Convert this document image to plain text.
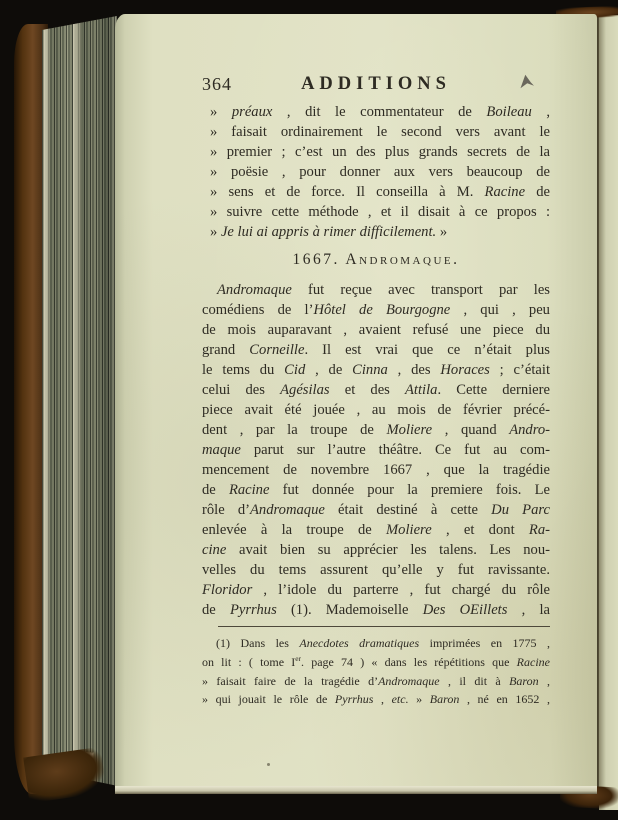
364	ADDITIONS
» préaux , dit le commentateur de Boileau ,
» faisait ordinairement le second vers avant le
» premier ; c’est un des plus grands secrets de la
» poësie , pour donner aux vers beaucoup de
» sens et de force. Il conseilla à M. Racine de
» suivre cette méthode , et il disait à ce propos :
» Je lui ai appris à rimer difficilement. »
1667. Andromaque.
Andromaque fut reçue avec transport par les
comédiens de l’Hôtel de Bourgogne , qui , peu
de mois auparavant , avaient refusé une piece du
grand Corneille. Il est vrai que ce n’était plus
le tems du Cid , de Cinna , des Horaces ; c’était
celui des Agésilas et des Attila. Cette derniere
piece avait été jouée , au mois de février précé-
dent , par la troupe de Moliere , quand Andro-
maque parut sur l’autre théâtre. Ce fut au com-
mencement de novembre 1667 , que la tragédie
de Racine fut donnée pour la premiere fois. Le
rôle d’Andromaque était destiné à cette Du Parc
enlevée à la troupe de Moliere , et dont Ra-
cine avait bien su apprécier les talens. Les nou-
velles du tems assurent qu’elle y fut ravissante.
Floridor , l’idole du parterre , fut chargé du rôle
de Pyrrhus (1). Mademoiselle Des OEillets , la
(1) Dans les Anecdotes dramatiques imprimées en 1775 ,
on lit : ( tome Ier. page 74 ) « dans les répétitions que Racine
» faisait faire de la tragédie d’Andromaque , il dit à Baron ,
» qui jouait le rôle de Pyrrhus , etc. » Baron , né en 1652 ,
